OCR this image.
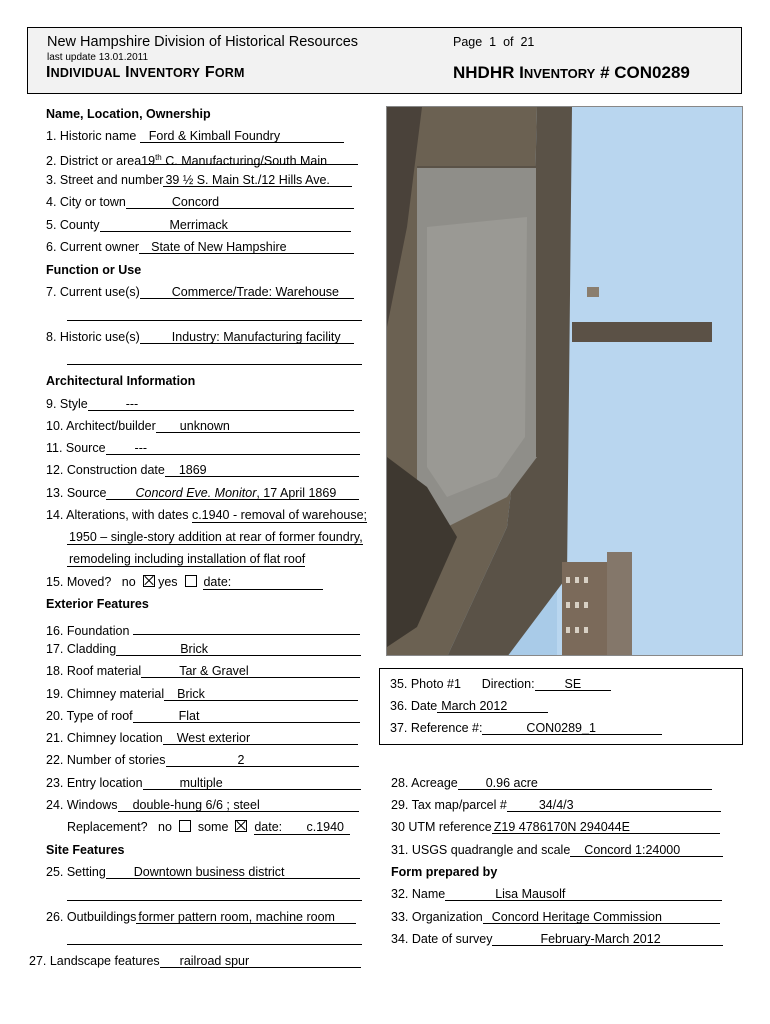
New Hampshire Division of Historical Resources
last update 13.01.2011
INDIVIDUAL INVENTORY FORM
Page 1 of 21
NHDHR INVENTORY # CON0289
Name, Location, Ownership
1. Historic name Ford & Kimball Foundry
2. District or area19th C. Manufacturing/South Main
3. Street and number 39 ½ S. Main St./12 Hills Ave.
4. City or town	Concord
5. County	Merrimack
6. Current owner State of New Hampshire
Function or Use
7. Current use(s)	Commerce/Trade: Warehouse
8. Historic use(s)	Industry: Manufacturing facility
Architectural Information
9. Style	---
10. Architect/builder unknown
11. Source ---
12. Construction date 1869
13. Source Concord Eve. Monitor, 17 April 1869
14. Alterations, with dates c.1940 - removal of warehouse;
1950 – single-story addition at rear of former foundry,
remodeling including installation of flat roof
15. Moved? no yes date:
Exterior Features
16. Foundation
17. Cladding	Brick
18. Roof material	Tar & Gravel
19. Chimney material Brick
20. Type of roof	Flat
21. Chimney location West exterior
22. Number of stories	2
23. Entry location	multiple
24. Windows double-hung 6/6 ; steel
Replacement? no some date: c.1940
Site Features
25. Setting Downtown business district
26. Outbuildings former pattern room, machine room
27. Landscape features railroad spur
35. Photo #1 Direction: SE
36. Date March 2012
37. Reference #:	CON0289_1
28. Acreage 0.96 acre
29. Tax map/parcel #	34/4/3
30 UTM reference Z19 4786170N 294044E
31. USGS quadrangle and scale Concord 1:24000
Form prepared by
32. Name	Lisa Mausolf
33. Organization Concord Heritage Commission
34. Date of survey	February-March 2012
